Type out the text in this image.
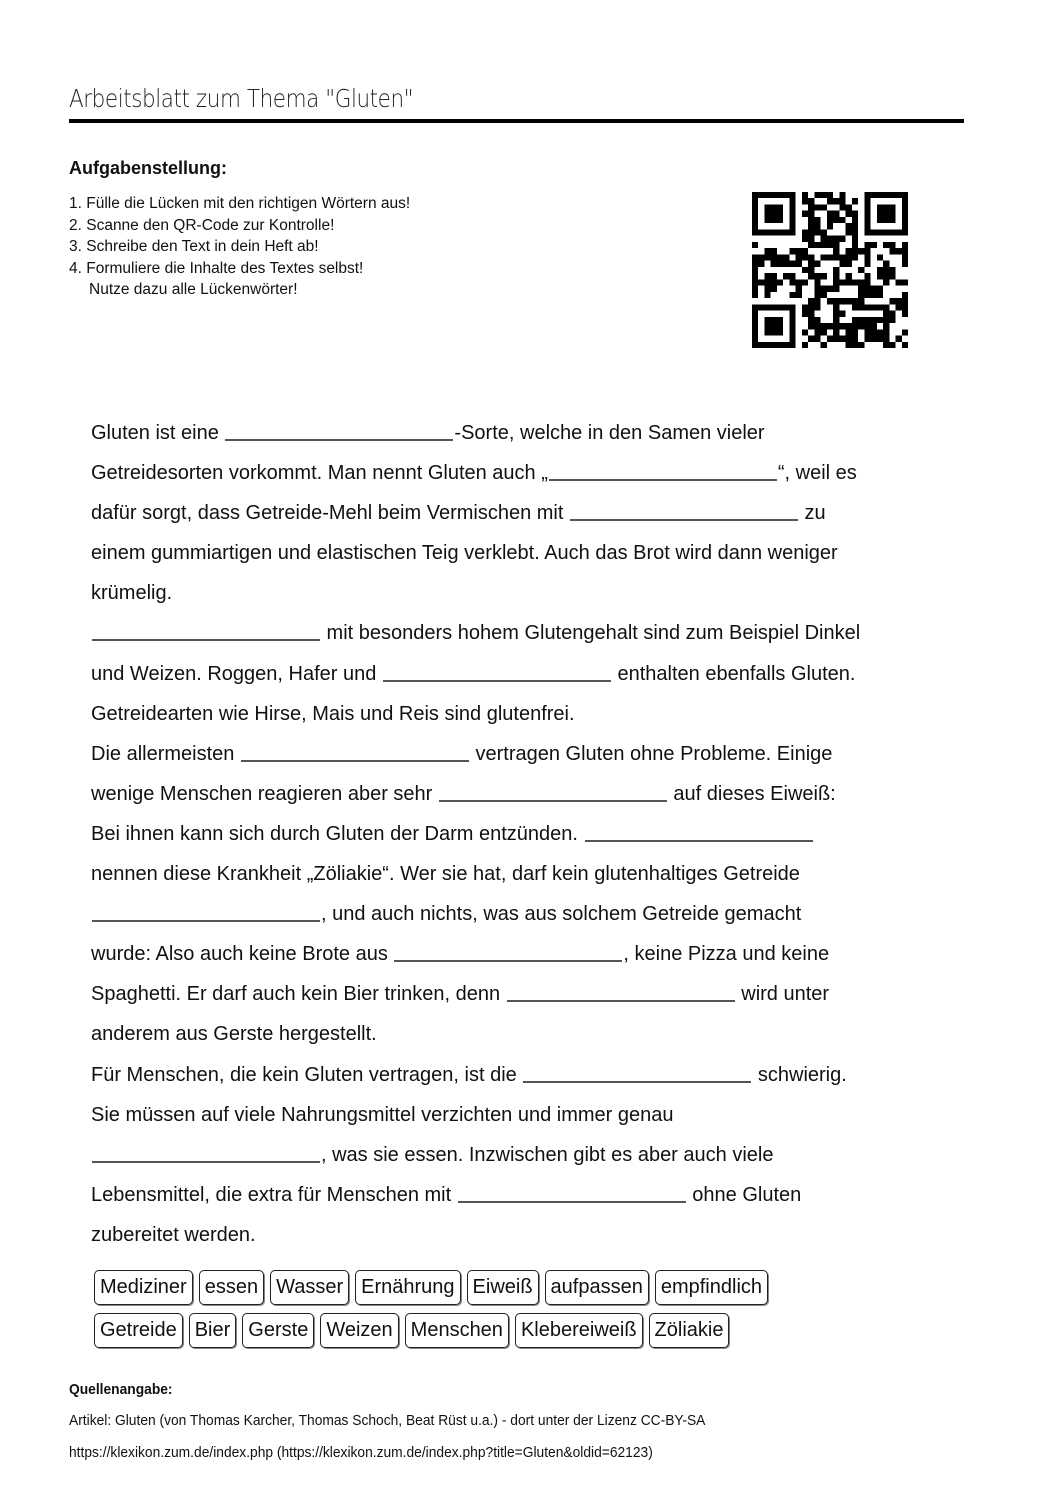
Arbeitsblatt zum Thema "Gluten"
Aufgabenstellung:
1. Fülle die Lücken mit den richtigen Wörtern aus!
2. Scanne den QR-Code zur Kontrolle!
3. Schreibe den Text in dein Heft ab!
4. Formuliere die Inhalte des Textes selbst!
Nutze dazu alle Lückenwörter!
Gluten ist eine	-Sorte, welche in den Samen vieler
Getreidesorten vorkommt. Man nennt Gluten auch „	“, weil es
dafür sorgt, dass Getreide-Mehl beim Vermischen mit	zu
einem gummiartigen und elastischen Teig verklebt. Auch das Brot wird dann weniger
krümelig.
mit besonders hohem Glutengehalt sind zum Beispiel Dinkel
und Weizen. Roggen, Hafer und	enthalten ebenfalls Gluten.
Getreidearten wie Hirse, Mais und Reis sind glutenfrei.
Die allermeisten	vertragen Gluten ohne Probleme. Einige
wenige Menschen reagieren aber sehr	auf dieses Eiweiß:
Bei ihnen kann sich durch Gluten der Darm entzünden.
nennen diese Krankheit „Zöliakie“. Wer sie hat, darf kein glutenhaltiges Getreide
, und auch nichts, was aus solchem Getreide gemacht
wurde: Also auch keine Brote aus	, keine Pizza und keine
Spaghetti. Er darf auch kein Bier trinken, denn	wird unter
anderem aus Gerste hergestellt.
Für Menschen, die kein Gluten vertragen, ist die	schwierig.
Sie müssen auf viele Nahrungsmittel verzichten und immer genau
, was sie essen. Inzwischen gibt es aber auch viele
Lebensmittel, die extra für Menschen mit	ohne Gluten
zubereitet werden.
Mediziner essen Wasser Ernährung Eiweiß aufpassen empfindlich
Getreide Bier Gerste Weizen Menschen Klebereiweiß Zöliakie
Quellenangabe:
Artikel: Gluten (von Thomas Karcher, Thomas Schoch, Beat Rüst u.a.) - dort unter der Lizenz CC-BY-SA
https://klexikon.zum.de/index.php (https://klexikon.zum.de/index.php?title=Gluten&oldid=62123)
